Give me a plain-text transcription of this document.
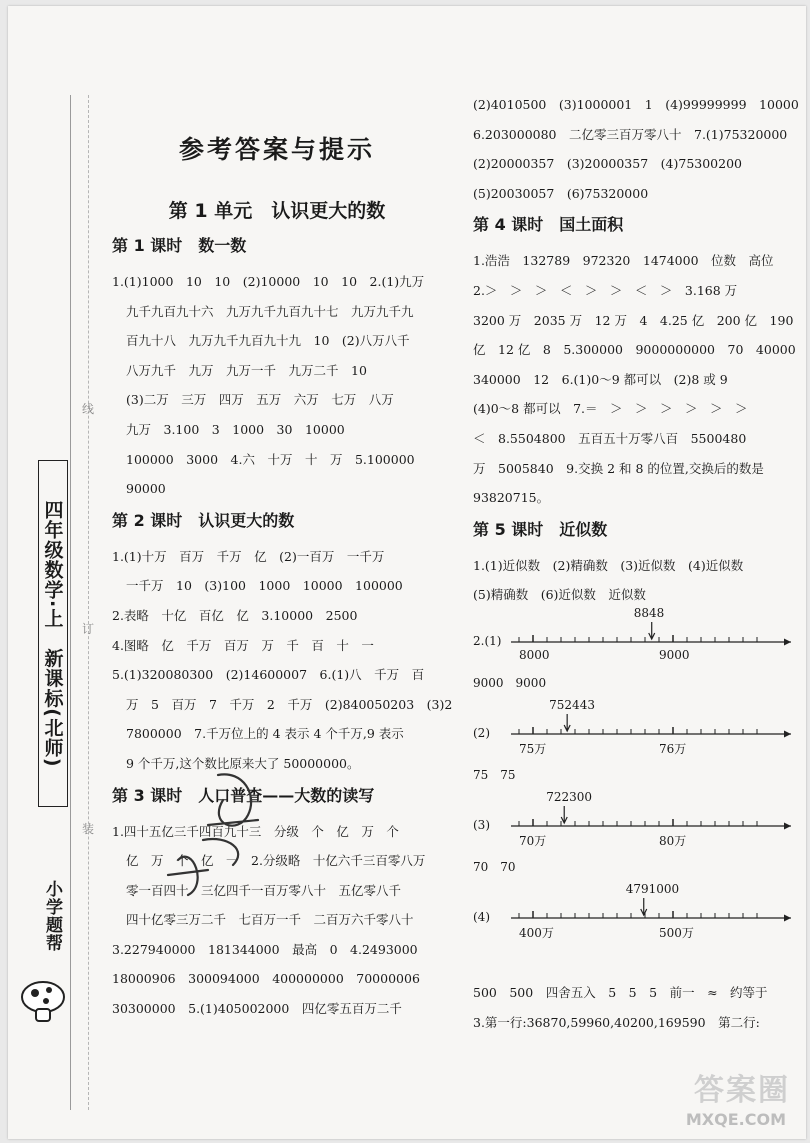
线
订
装
四年级数学·上　新课标(北师)
小学题帮
参考答案与提示
第 1 单元　认识更大的数
第 1 课时　数一数
1.(1)1000　10　10　(2)10000　10　10　2.(1)九万
九千九百九十六　九万九千九百九十七　九万九千九
百九十八　九万九千九百九十九　10　(2)八万八千
八万九千　九万　九万一千　九万二千　10
(3)二万　三万　四万　五万　六万　七万　八万
九万　3.100　3　1000　30　10000
100000　3000　4.六　十万　十　万　5.100000
90000
第 2 课时　认识更大的数
1.(1)十万　百万　千万　亿　(2)一百万　一千万
一千万　10　(3)100　1000　10000　100000
2.表略　十亿　百亿　亿　3.10000　2500
4.图略　亿　千万　百万　万　千　百　十　一
5.(1)320080300　(2)14600007　6.(1)八　千万　百
万　5　百万　7　千万　2　千万　(2)840050203　(3)2
7800000　7.千万位上的 4 表示 4 个千万,9 表示
9 个千万,这个数比原来大了 50000000。
第 3 课时　人口普查——大数的读写
1.四十五亿三千四百九十三　分级　个　亿　万　个
亿　万　个　亿　一　2.分级略　十亿六千三百零八万
零一百四十　三亿四千一百万零八十　五亿零八千
四十亿零三万二千　七百万一千　二百万六千零八十
3.227940000　181344000　最高　0　4.2493000
18000906　300094000　400000000　70000006
30300000　5.(1)405002000　四亿零五百万二千
(2)4010500　(3)1000001　1　(4)99999999　10000
6.203000080　二亿零三百万零八十　7.(1)75320000
(2)20000357　(3)20000357　(4)75300200
(5)20030057　(6)75320000
第 4 课时　国土面积
1.浩浩　132789　972320　1474000　位数　高位
2.＞　＞　＞　＜　＞　＞　＜　＞　3.168 万
3200 万　2035 万　12 万　4　4.25 亿　200 亿　190
亿　12 亿　8　5.300000　9000000000　70　40000
340000　12　6.(1)0～9 都可以　(2)8 或 9
(4)0～8 都可以　7.＝　＞　＞　＞　＞　＞　＞
＜　8.5504800　五百五十万零八百　5500480
万　5005840　9.交换 2 和 8 的位置,交换后的数是
93820715。
第 5 课时　近似数
1.(1)近似数　(2)精确数　(3)近似数　(4)近似数
(5)精确数　(6)近似数　近似数
2.(1)
8848
8000	9000
9000　9000
(2)
752443
75万	76万
75　75
(3)
722300
70万	80万
70　70
(4)
4791000
400万	500万
500　500　四舍五入　5　5　5　前一　≈　约等于
3.第一行:36870,59960,40200,169590　第二行:
答案圈
MXQE.COM
